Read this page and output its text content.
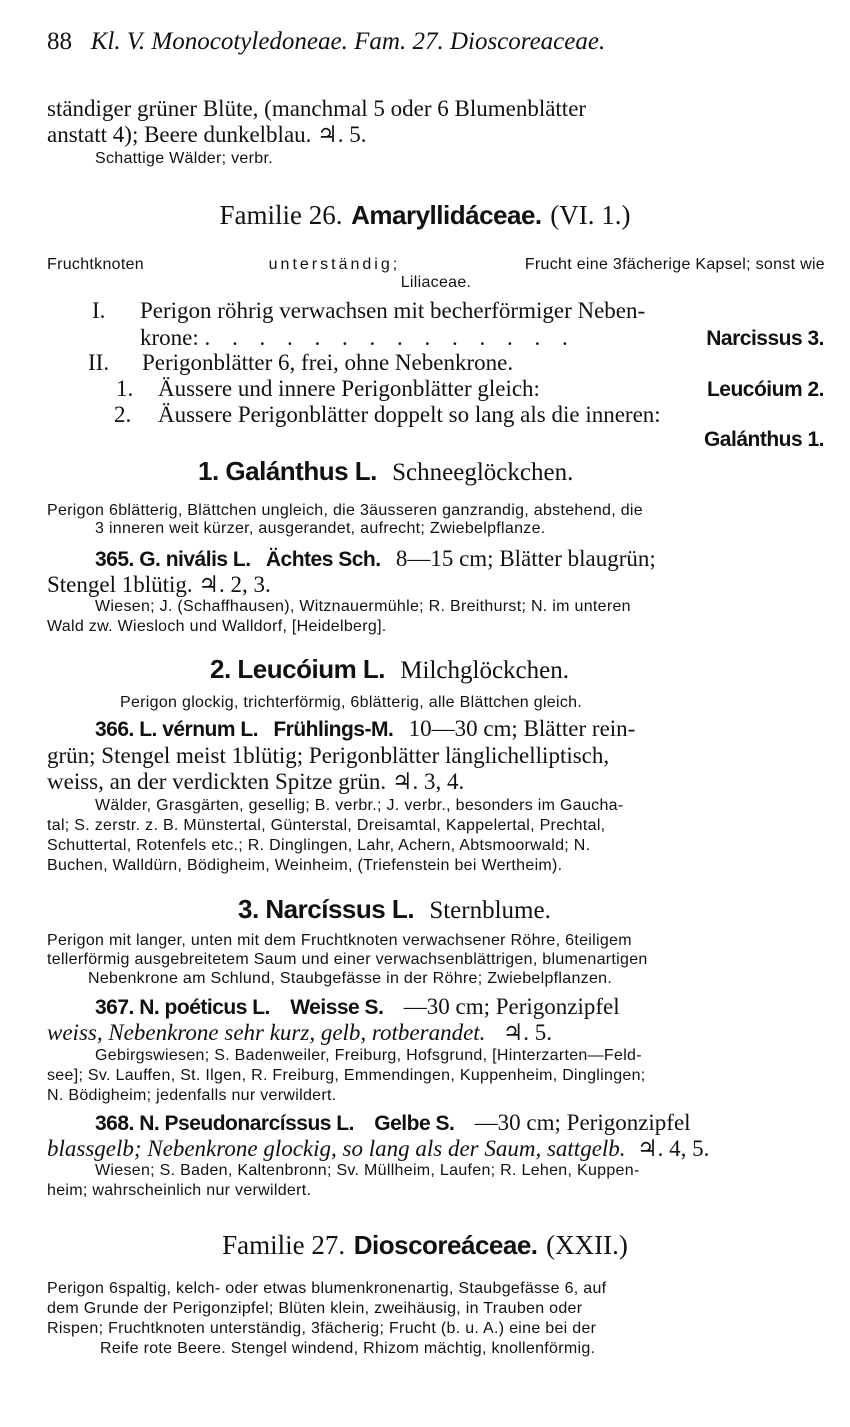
88 Kl. V. Monocotyledoneae. Fam. 27. Dioscoreaceae.
ständiger grüner Blüte, (manchmal 5 oder 6 Blumenblätter
anstatt 4); Beere dunkelblau. ♃. 5.
Schattige Wälder; verbr.
Familie 26. Amaryllidáceae. (VI. 1.)
Fruchtknoten	unterständig;	Frucht eine 3fächerige Kapsel; sonst wie
Liliaceae.
I. Perigon röhrig verwachsen mit becherförmiger Neben-
krone: . . . . . . . . . . . . . .	Narcissus 3.
II. Perigonblätter 6, frei, ohne Nebenkrone.
1. Äussere und innere Perigonblätter gleich:	Leucóium 2.
2. Äussere Perigonblätter doppelt so lang als die inneren:
Galánthus 1.
1. Galánthus L. Schneeglöckchen.
Perigon 6blätterig, Blättchen ungleich, die 3äusseren ganzrandig, abstehend, die
3 inneren weit kürzer, ausgerandet, aufrecht; Zwiebelpflanze.
365. G. nivális L. Ächtes Sch. 8—15 cm; Blätter blaugrün;
Stengel 1blütig. ♃. 2, 3.
Wiesen; J. (Schaffhausen), Witznauermühle; R. Breithurst; N. im unteren
Wald zw. Wiesloch und Walldorf, [Heidelberg].
2. Leucóium L. Milchglöckchen.
Perigon glockig, trichterförmig, 6blätterig, alle Blättchen gleich.
366. L. vérnum L. Frühlings-M. 10—30 cm; Blätter rein-
grün; Stengel meist 1blütig; Perigonblätter länglichelliptisch,
weiss, an der verdickten Spitze grün. ♃. 3, 4.
Wälder, Grasgärten, gesellig; B. verbr.; J. verbr., besonders im Gaucha-
tal; S. zerstr. z. B. Münstertal, Günterstal, Dreisamtal, Kappelertal, Prechtal,
Schuttertal, Rotenfels etc.; R. Dinglingen, Lahr, Achern, Abtsmoorwald; N.
Buchen, Walldürn, Bödigheim, Weinheim, (Triefenstein bei Wertheim).
3. Narcíssus L. Sternblume.
Perigon mit langer, unten mit dem Fruchtknoten verwachsener Röhre, 6teiligem
tellerförmig ausgebreitetem Saum und einer verwachsenblättrigen, blumenartigen
Nebenkrone am Schlund, Staubgefässe in der Röhre; Zwiebelpflanzen.
367. N. poéticus L. Weisse S. —30 cm; Perigonzipfel
weiss, Nebenkrone sehr kurz, gelb, rotberandet. ♃. 5.
Gebirgswiesen; S. Badenweiler, Freiburg, Hofsgrund, [Hinterzarten—Feld-
see]; Sv. Lauffen, St. Ilgen, R. Freiburg, Emmendingen, Kuppenheim, Dinglingen;
N. Bödigheim; jedenfalls nur verwildert.
368. N. Pseudonarcíssus L. Gelbe S. —30 cm; Perigonzipfel
blassgelb; Nebenkrone glockig, so lang als der Saum, sattgelb. ♃. 4, 5.
Wiesen; S. Baden, Kaltenbronn; Sv. Müllheim, Laufen; R. Lehen, Kuppen-
heim; wahrscheinlich nur verwildert.
Familie 27. Dioscoreáceae. (XXII.)
Perigon 6spaltig, kelch- oder etwas blumenkronenartig, Staubgefässe 6, auf
dem Grunde der Perigonzipfel; Blüten klein, zweihäusig, in Trauben oder
Rispen; Fruchtknoten unterständig, 3fächerig; Frucht (b. u. A.) eine bei der
Reife rote Beere. Stengel windend, Rhizom mächtig, knollenförmig.
